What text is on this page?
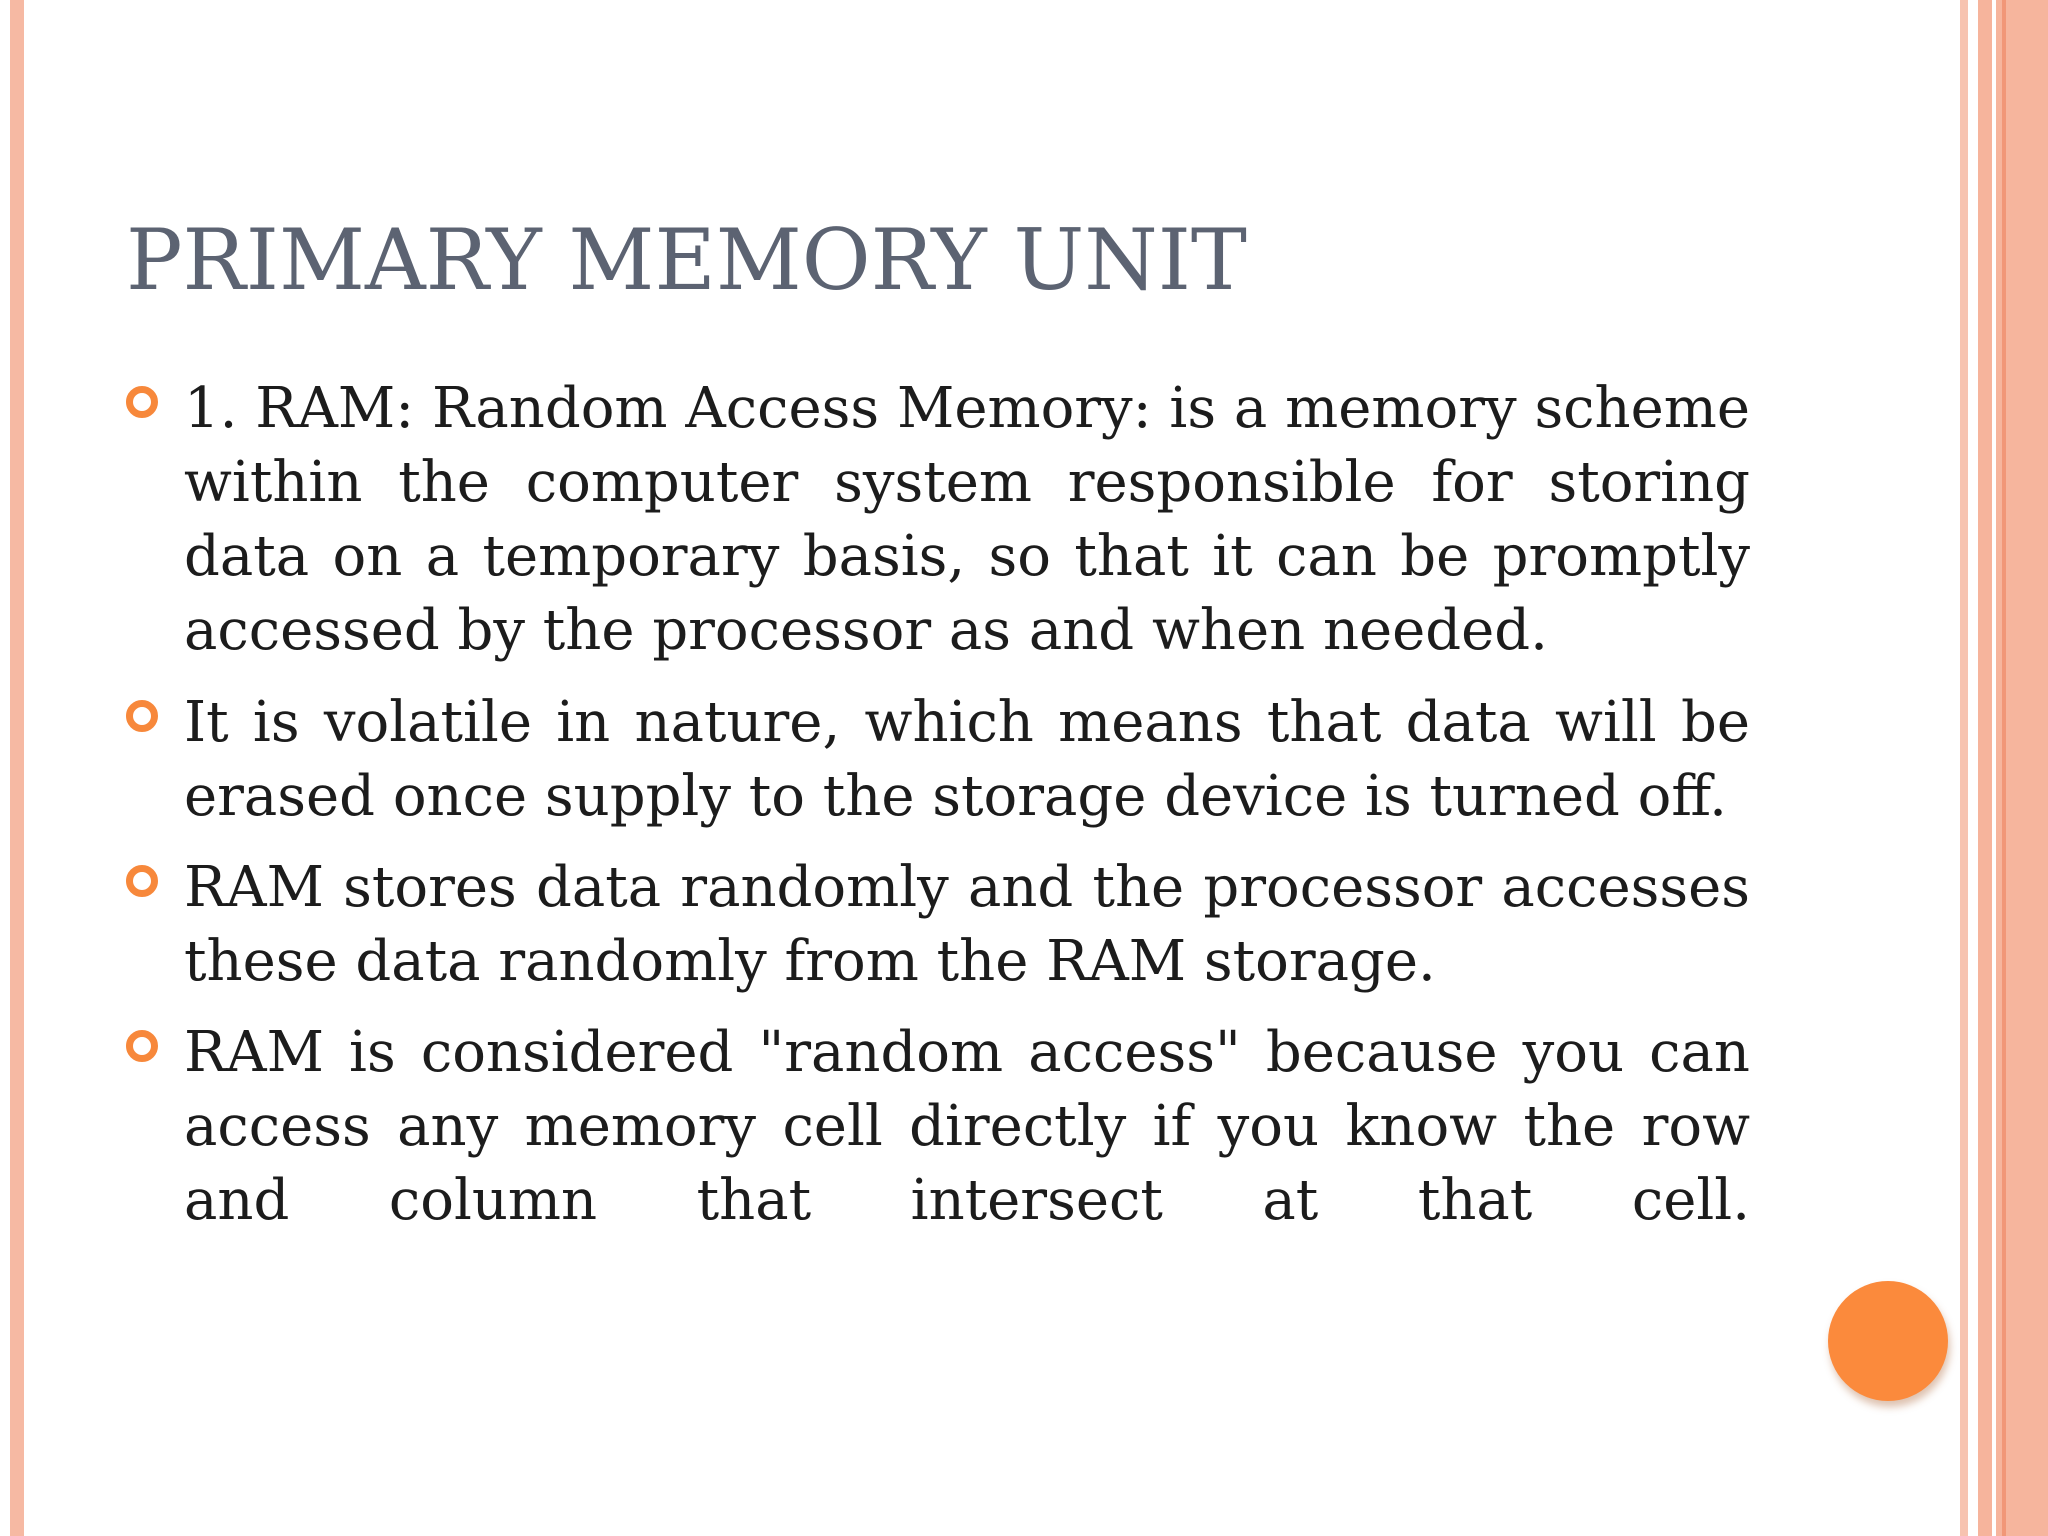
PRIMARY MEMORY UNIT
1. RAM: Random Access Memory: is a memory scheme within the computer system responsible for storing data on a temporary basis, so that it can be promptly accessed by the processor as and when needed.
It is volatile in nature, which means that data will be erased once supply to the storage device is turned off.
RAM stores data randomly and the processor accesses these data randomly from the RAM storage.
RAM is considered "random access" because you can access any memory cell directly if you know the row and column that intersect at that cell.
